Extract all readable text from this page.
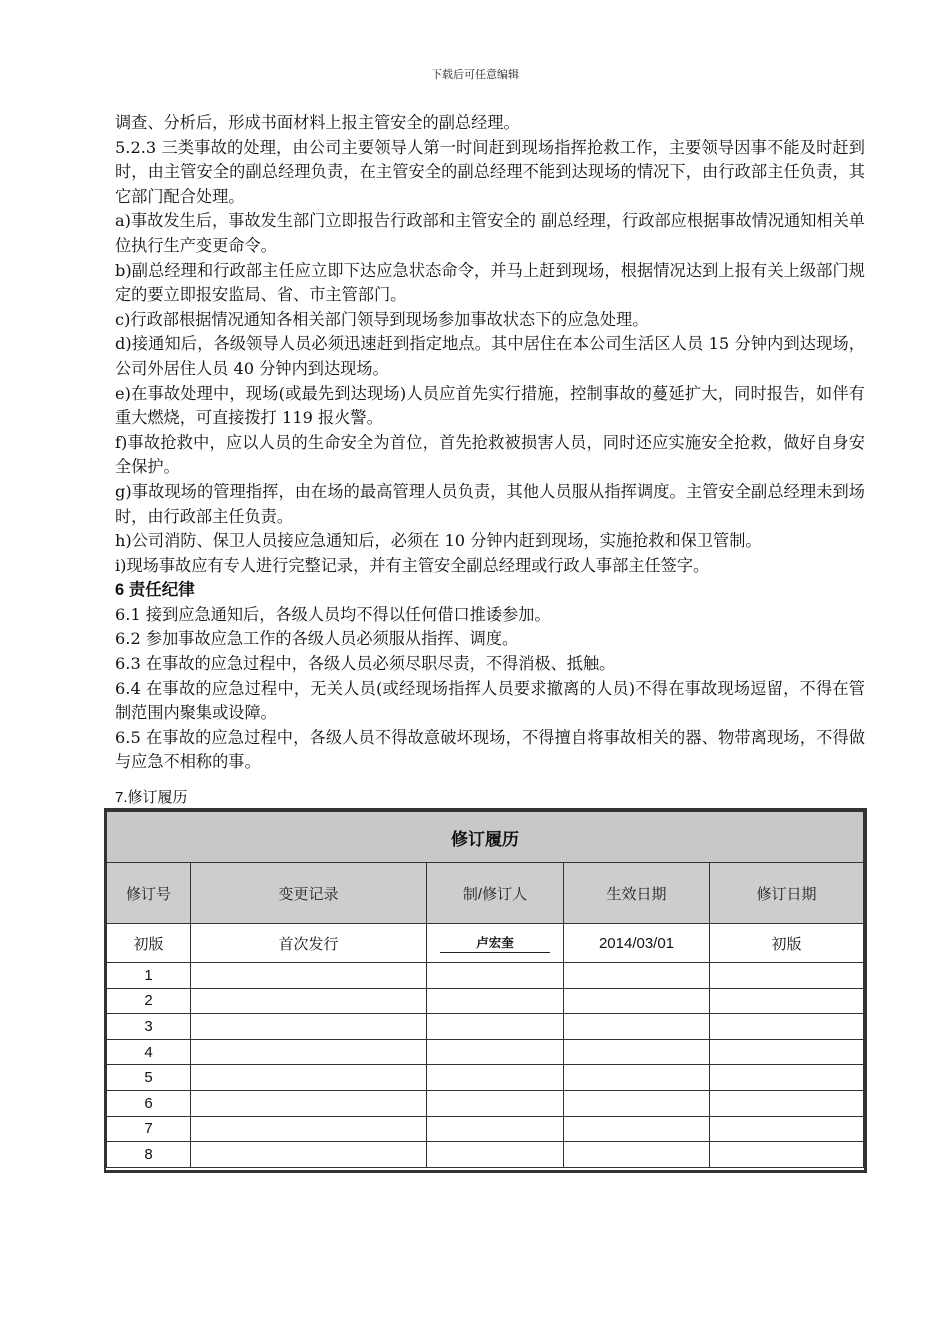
下载后可任意编辑

调查、分析后，形成书面材料上报主管安全的副总经理。

5.2.3 三类事故的处理，由公司主要领导人第一时间赶到现场指挥抢救工作，主要领导因事不能及时赶到时，由主管安全的副总经理负责，在主管安全的副总经理不能到达现场的情况下，由行政部主任负责，其它部门配合处理。

a)事故发生后，事故发生部门立即报告行政部和主管安全的 副总经理，行政部应根据事故情况通知相关单位执行生产变更命令。

b)副总经理和行政部主任应立即下达应急状态命令，并马上赶到现场，根据情况达到上报有关上级部门规定的要立即报安监局、省、市主管部门。

c)行政部根据情况通知各相关部门领导到现场参加事故状态下的应急处理。

d)接通知后，各级领导人员必须迅速赶到指定地点。其中居住在本公司生活区人员 15 分钟内到达现场，公司外居住人员 40 分钟内到达现场。

e)在事故处理中，现场(或最先到达现场)人员应首先实行措施，控制事故的蔓延扩大，同时报告，如伴有重大燃烧，可直接拨打 119 报火警。

f)事故抢救中，应以人员的生命安全为首位，首先抢救被损害人员，同时还应实施安全抢救，做好自身安全保护。

g)事故现场的管理指挥，由在场的最高管理人员负责，其他人员服从指挥调度。主管安全副总经理未到场时，由行政部主任负责。

h)公司消防、保卫人员接应急通知后，必须在 10 分钟内赶到现场，实施抢救和保卫管制。

i)现场事故应有专人进行完整记录，并有主管安全副总经理或行政人事部主任签字。

6 责任纪律

6.1 接到应急通知后，各级人员均不得以任何借口推诿参加。

6.2 参加事故应急工作的各级人员必须服从指挥、调度。

6.3 在事故的应急过程中，各级人员必须尽职尽责，不得消极、抵触。

6.4 在事故的应急过程中，无关人员(或经现场指挥人员要求撤离的人员)不得在事故现场逗留，不得在管制范围内聚集或设障。

6.5 在事故的应急过程中，各级人员不得故意破坏现场，不得擅自将事故相关的器、物带离现场，不得做与应急不相称的事。

7.修订履历
修订履历				
修订号	变更记录	制/修订人	生效日期	修订日期
初版	首次发行	卢宏奎	2014/03/01	初版
1				
2				
3				
4				
5				
6				
7				
8				
